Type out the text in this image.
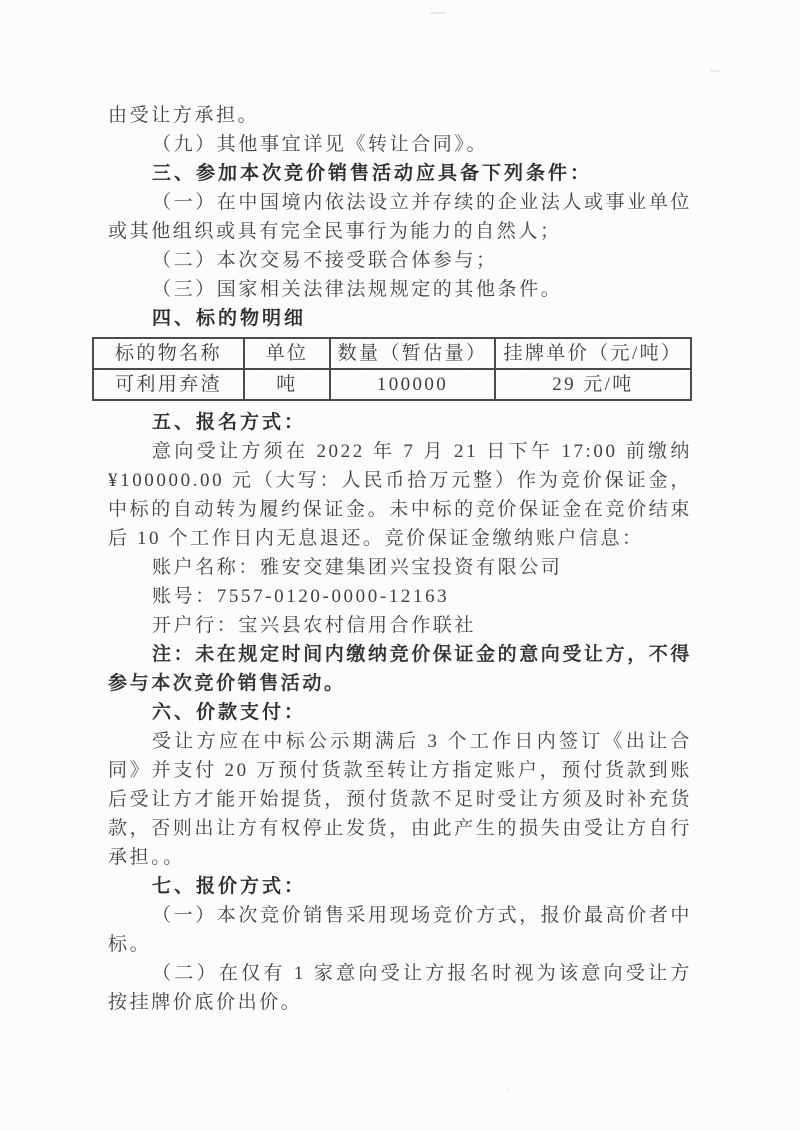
由受让方承担。

（九）其他事宜详见《转让合同》。

三、参加本次竞价销售活动应具备下列条件：

（一）在中国境内依法设立并存续的企业法人或事业单位或其他组织或具有完全民事行为能力的自然人；

（二）本次交易不接受联合体参与；

（三）国家相关法律法规规定的其他条件。

四、标的物明细

标的物名称	单位	数量（暂估量）	挂牌单价（元/吨）
可利用弃渣	吨	100000	29 元/吨

五、报名方式：

意向受让方须在 2022 年 7 月 21 日下午 17:00 前缴纳 ¥100000.00 元（大写：人民币拾万元整）作为竞价保证金，中标的自动转为履约保证金。未中标的竞价保证金在竞价结束后 10 个工作日内无息退还。竞价保证金缴纳账户信息：

账户名称：雅安交建集团兴宝投资有限公司

账号：7557-0120-0000-12163

开户行：宝兴县农村信用合作联社

注：未在规定时间内缴纳竞价保证金的意向受让方，不得参与本次竞价销售活动。

六、价款支付：

受让方应在中标公示期满后 3 个工作日内签订《出让合同》并支付 20 万预付货款至转让方指定账户，预付货款到账后受让方才能开始提货，预付货款不足时受让方须及时补充货款，否则出让方有权停止发货，由此产生的损失由受让方自行承担。。

七、报价方式：

（一）本次竞价销售采用现场竞价方式，报价最高价者中标。

（二）在仅有 1 家意向受让方报名时视为该意向受让方按挂牌价底价出价。
